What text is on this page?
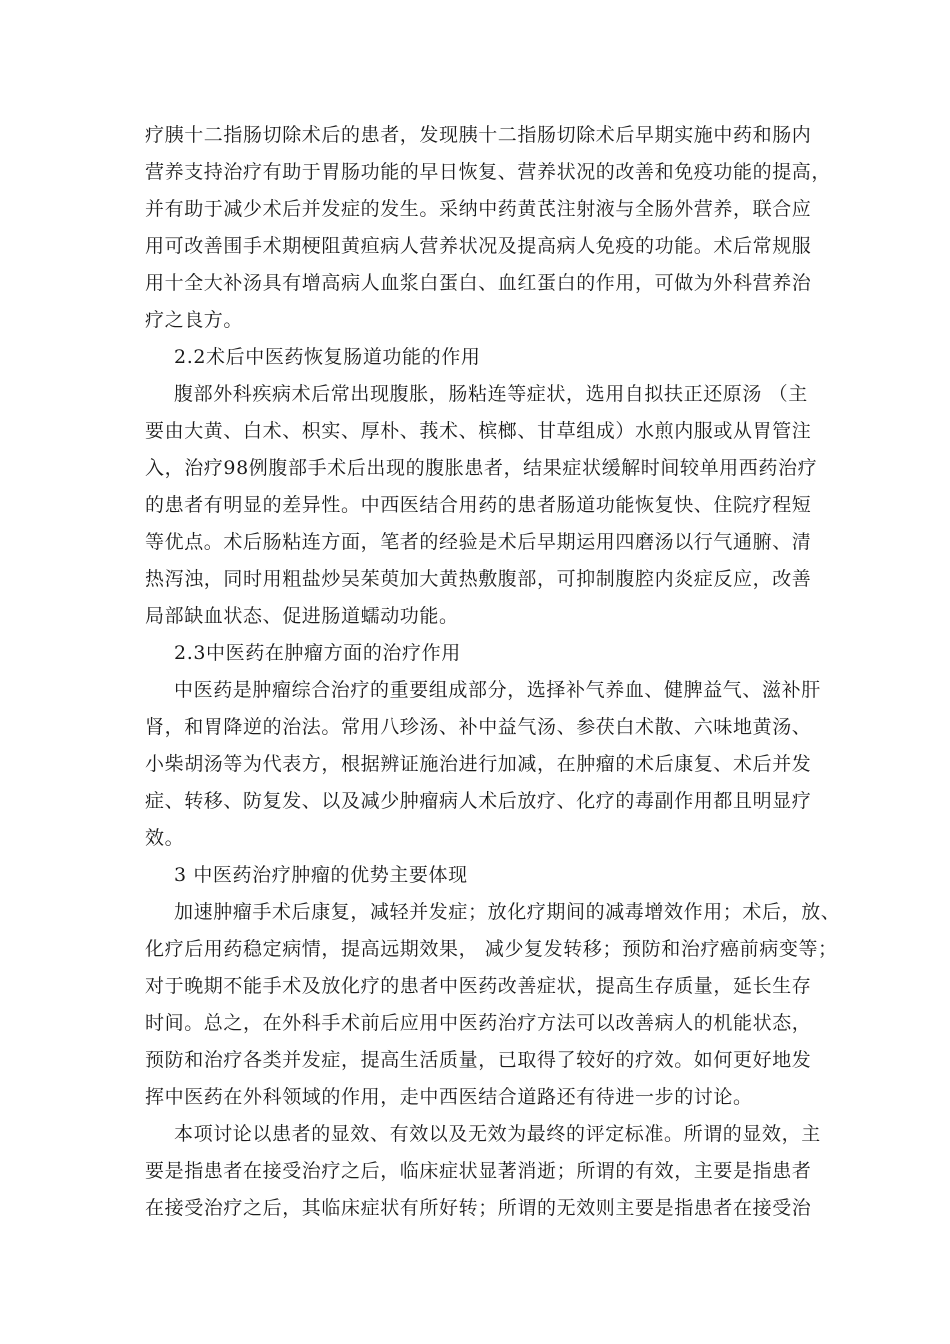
疗胰十二指肠切除术后的患者，发现胰十二指肠切除术后早期实施中药和肠内
营养支持治疗有助于胃肠功能的早日恢复、营养状况的改善和免疫功能的提高，
并有助于减少术后并发症的发生。采纳中药黄芪注射液与全肠外营养，联合应
用可改善围手术期梗阻黄疸病人营养状况及提高病人免疫的功能。术后常规服
用十全大补汤具有增高病人血浆白蛋白、血红蛋白的作用，可做为外科营养治
疗之良方。
2.2术后中医药恢复肠道功能的作用
腹部外科疾病术后常出现腹胀，肠粘连等症状，选用自拟扶正还原汤 （主
要由大黄、白术、枳实、厚朴、莪术、槟榔、甘草组成）水煎内服或从胃管注
入，治疗98例腹部手术后出现的腹胀患者，结果症状缓解时间较单用西药治疗
的患者有明显的差异性。中西医结合用药的患者肠道功能恢复快、住院疗程短
等优点。术后肠粘连方面，笔者的经验是术后早期运用四磨汤以行气通腑、清
热泻浊，同时用粗盐炒吴茱萸加大黄热敷腹部，可抑制腹腔内炎症反应，改善
局部缺血状态、促进肠道蠕动功能。
2.3中医药在肿瘤方面的治疗作用
中医药是肿瘤综合治疗的重要组成部分，选择补气养血、健脾益气、滋补肝
肾，和胃降逆的治法。常用八珍汤、补中益气汤、参茯白术散、六味地黄汤、
小柴胡汤等为代表方，根据辨证施治进行加减，在肿瘤的术后康复、术后并发
症、转移、防复发、以及减少肿瘤病人术后放疗、化疗的毒副作用都且明显疗
效。
3 中医药治疗肿瘤的优势主要体现
加速肿瘤手术后康复，减轻并发症；放化疗期间的减毒增效作用；术后，放、
化疗后用药稳定病情，提高远期效果， 减少复发转移；预防和治疗癌前病变等；
对于晚期不能手术及放化疗的患者中医药改善症状，提高生存质量，延长生存
时间。总之，在外科手术前后应用中医药治疗方法可以改善病人的机能状态，
预防和治疗各类并发症，提高生活质量，已取得了较好的疗效。如何更好地发
挥中医药在外科领域的作用，走中西医结合道路还有待进一步的讨论。
本项讨论以患者的显效、有效以及无效为最终的评定标准。所谓的显效，主
要是指患者在接受治疗之后，临床症状显著消逝；所谓的有效，主要是指患者
在接受治疗之后，其临床症状有所好转；所谓的无效则主要是指患者在接受治
